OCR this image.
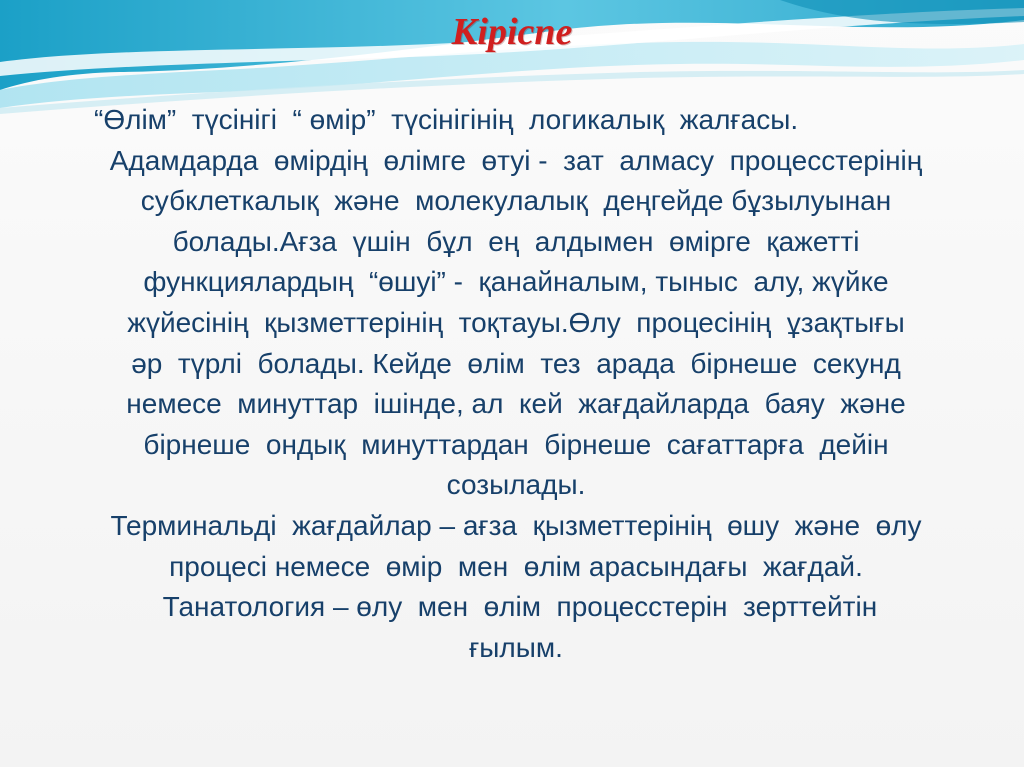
Кіріспе
“Өлім”  түсінігі  “ өмір”  түсінігінің  логикалық  жалғасы.
Адамдарда  өмірдің  өлімге  өтуі -  зат  алмасу  процесстерінің
субклеткалық  және  молекулалық  деңгейде бұзылуынан
болады.Ағза  үшін  бұл  ең  алдымен  өмірге  қажетті
функциялардың  “өшуі” -  қанайналым, тыныс  алу, жүйке
жүйесінің  қызметтерінің  тоқтауы.Өлу  процесінің  ұзақтығы
әр  түрлі  болады. Кейде  өлім  тез  арада  бірнеше  секунд
немесе  минуттар  ішінде, ал  кей  жағдайларда  баяу  және
бірнеше  ондық  минуттардан  бірнеше  сағаттарға  дейін
созылады.
Терминальді  жағдайлар – ағза  қызметтерінің  өшу  және  өлу
процесі немесе  өмір  мен  өлім арасындағы  жағдай.
Танатология – өлу  мен  өлім  процесстерін  зерттейтін
ғылым.
